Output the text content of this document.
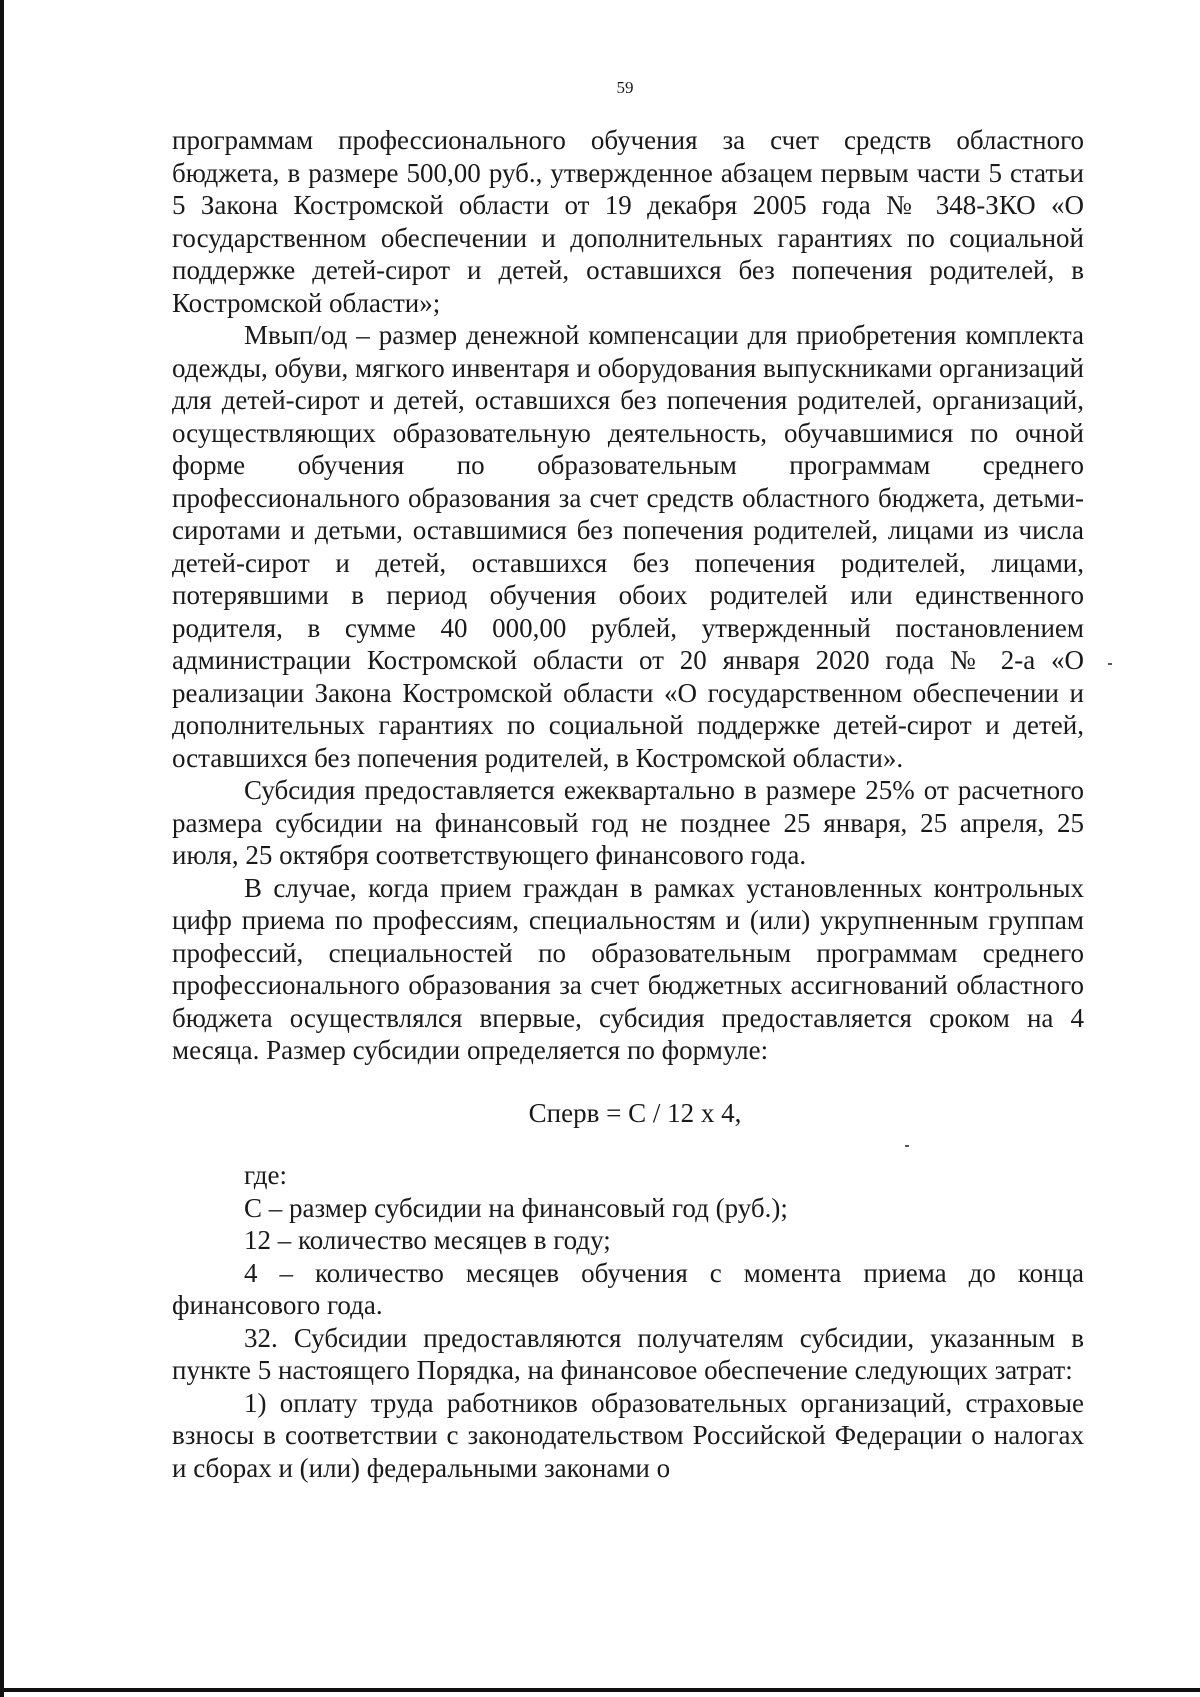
59

программам профессионального обучения за счет средств областного бюджета, в размере 500,00 руб., утвержденное абзацем первым части 5 статьи 5 Закона Костромской области от 19 декабря 2005 года № 348-ЗКО «О государственном обеспечении и дополнительных гарантиях по социальной поддержке детей-сирот и детей, оставшихся без попечения родителей, в Костромской области»;

Мвып/од – размер денежной компенсации для приобретения комплекта одежды, обуви, мягкого инвентаря и оборудования выпускниками организаций для детей-сирот и детей, оставшихся без попечения родителей, организаций, осуществляющих образовательную деятельность, обучавшимися по очной форме обучения по образовательным программам среднего профессионального образования за счет средств областного бюджета, детьми-сиротами и детьми, оставшимися без попечения родителей, лицами из числа детей-сирот и детей, оставшихся без попечения родителей, лицами, потерявшими в период обучения обоих родителей или единственного родителя, в сумме 40 000,00 рублей, утвержденный постановлением администрации Костромской области от 20 января 2020 года № 2-а «О реализации Закона Костромской области «О государственном обеспечении и дополнительных гарантиях по социальной поддержке детей-сирот и детей, оставшихся без попечения родителей, в Костромской области».

Субсидия предоставляется ежеквартально в размере 25% от расчетного размера субсидии на финансовый год не позднее 25 января, 25 апреля, 25 июля, 25 октября соответствующего финансового года.

В случае, когда прием граждан в рамках установленных контрольных цифр приема по профессиям, специальностям и (или) укрупненным группам профессий, специальностей по образовательным программам среднего профессионального образования за счет бюджетных ассигнований областного бюджета осуществлялся впервые, субсидия предоставляется сроком на 4 месяца. Размер субсидии определяется по формуле:

Сперв = С / 12 х 4,

где:

С – размер субсидии на финансовый год (руб.);

12 – количество месяцев в году;

4 – количество месяцев обучения с момента приема до конца финансового года.

32. Субсидии предоставляются получателям субсидии, указанным в пункте 5 настоящего Порядка, на финансовое обеспечение следующих затрат:

1) оплату труда работников образовательных организаций, страховые взносы в соответствии с законодательством Российской Федерации о налогах и сборах и (или) федеральными законами о
